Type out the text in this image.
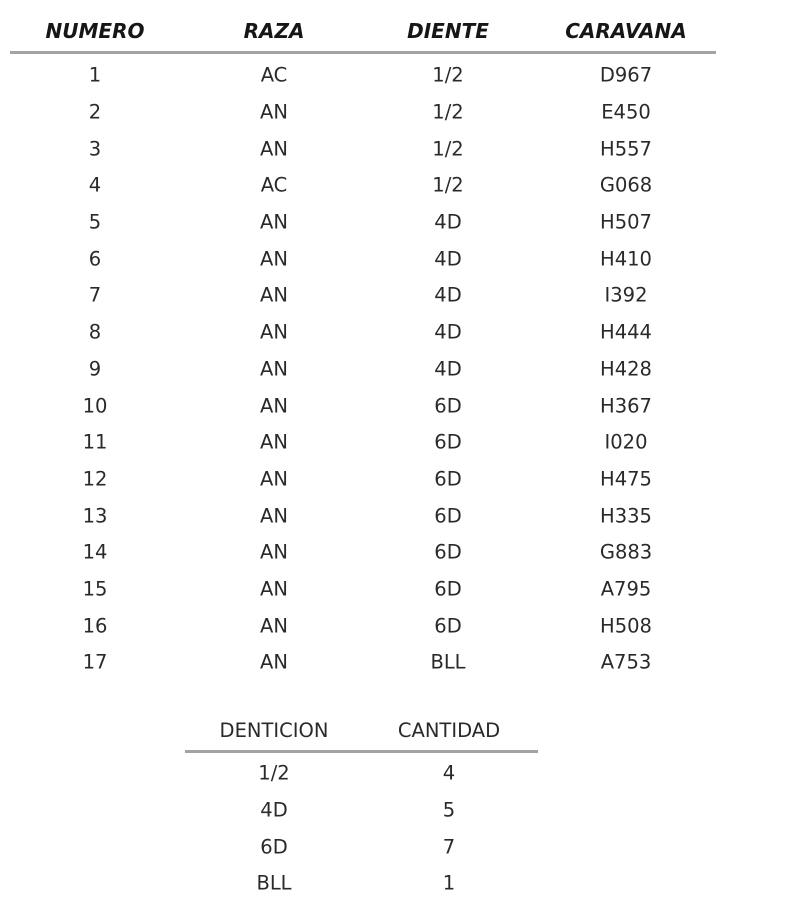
NUMERO	RAZA	DIENTE	CARAVANA
1	AC	1/2	D967
2	AN	1/2	E450
3	AN	1/2	H557
4	AC	1/2	G068
5	AN	4D	H507
6	AN	4D	H410
7	AN	4D	I392
8	AN	4D	H444
9	AN	4D	H428
10	AN	6D	H367
11	AN	6D	I020
12	AN	6D	H475
13	AN	6D	H335
14	AN	6D	G883
15	AN	6D	A795
16	AN	6D	H508
17	AN	BLL	A753
DENTICION	CANTIDAD
1/2	4
4D	5
6D	7
BLL	1
